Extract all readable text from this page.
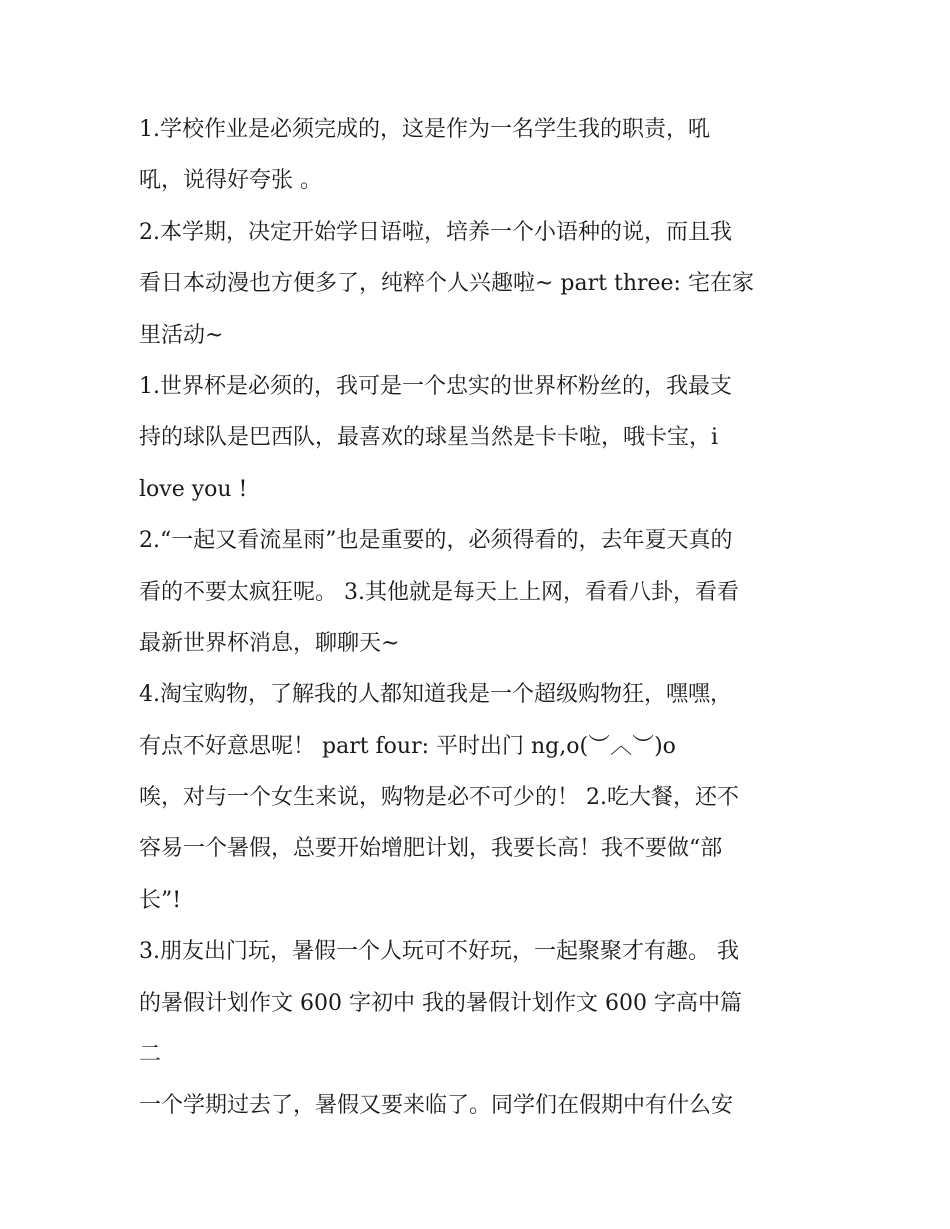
1.学校作业是必须完成的，这是作为一名学生我的职责，吼
吼，说得好夸张 。
2.本学期，决定开始学日语啦，培养一个小语种的说，而且我
看日本动漫也方便多了，纯粹个人兴趣啦~ part three: 宅在家
里活动~
1.世界杯是必须的，我可是一个忠实的世界杯粉丝的，我最支
持的球队是巴西队，最喜欢的球星当然是卡卡啦，哦卡宝，i
love you !
2.“一起又看流星雨”也是重要的，必须得看的，去年夏天真的
看的不要太疯狂呢。 3.其他就是每天上上网，看看八卦，看看
最新世界杯消息，聊聊天~
4.淘宝购物，了解我的人都知道我是一个超级购物狂，嘿嘿，
有点不好意思呢！ part four: 平时出门 ng,o(︶︿︶)o
唉，对与一个女生来说，购物是必不可少的！ 2.吃大餐，还不
容易一个暑假，总要开始增肥计划，我要长高！我不要做“部
长”!
3.朋友出门玩，暑假一个人玩可不好玩，一起聚聚才有趣。 我
的暑假计划作文 600 字初中 我的暑假计划作文 600 字高中篇
二
一个学期过去了，暑假又要来临了。同学们在假期中有什么安
